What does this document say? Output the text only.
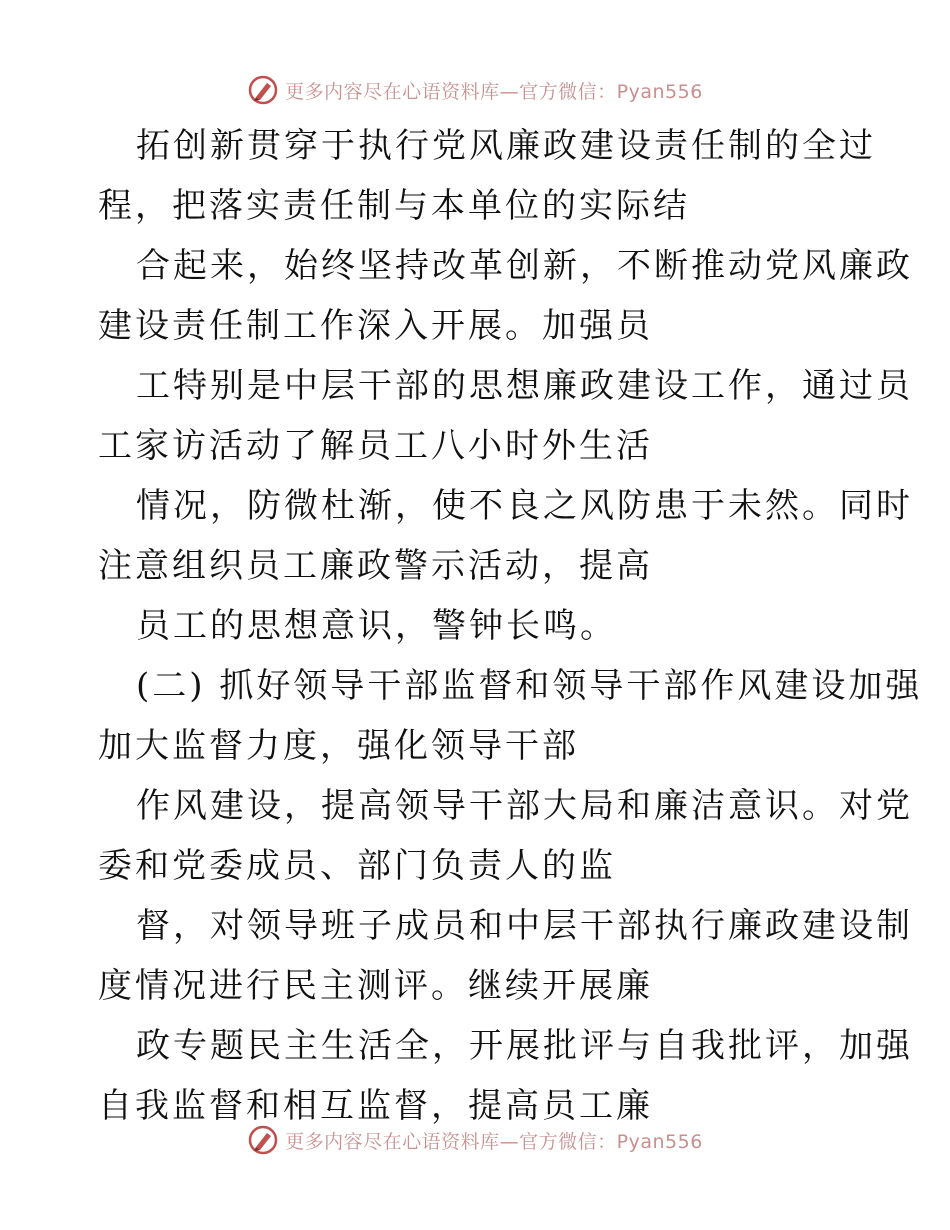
更多内容尽在心语资料库—官方微信：Pyan556
拓创新贯穿于执行党风廉政建设责任制的全过
程，把落实责任制与本单位的实际结
合起来，始终坚持改革创新，不断推动党风廉政
建设责任制工作深入开展。加强员
工特别是中层干部的思想廉政建设工作，通过员
工家访活动了解员工八小时外生活
情况，防微杜渐，使不良之风防患于未然。同时
注意组织员工廉政警示活动，提高
员工的思想意识，警钟长鸣。
(二) 抓好领导干部监督和领导干部作风建设加强
加大监督力度，强化领导干部
作风建设，提高领导干部大局和廉洁意识。对党
委和党委成员、部门负责人的监
督，对领导班子成员和中层干部执行廉政建设制
度情况进行民主测评。继续开展廉
政专题民主生活全，开展批评与自我批评，加强
自我监督和相互监督，提高员工廉
更多内容尽在心语资料库—官方微信：Pyan556
